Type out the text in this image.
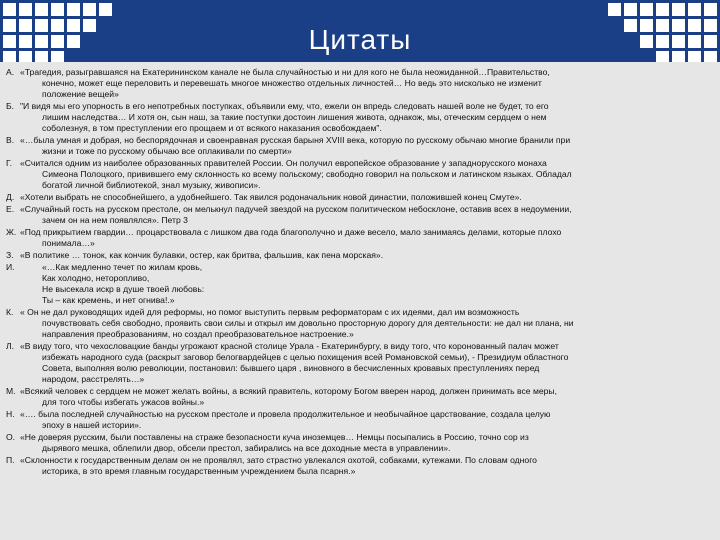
Цитаты
А. «Трагедия, разыгравшаяся на Екатерининском канале не была случайностью и ни для кого не была неожиданной…Правительство,
конечно, может еще переловить и перевешать многое множество отдельных личностей… Но ведь это нисколько не изменит
положение вещей»
Б. "И видя мы его упорность в его непотребных поступках, объявили ему, что, ежели он впредь следовать нашей воле не будет, то его
лишим наследства… И хотя он, сын наш, за такие поступки достоин лишения живота, однакож, мы, отеческим сердцем о нем
соболезнуя, в том преступлении его прощаем и от всякого наказания освобождаем".
В. «…была умная и добрая, но беспорядочная и своенравная русская барыня XVIII века, которую по русскому обычаю многие бранили при
жизни и тоже по русскому обычаю все оплакивали по смерти»
Г. «Считался одним из наиболее образованных правителей России. Он получил европейское образование у западнорусского монаха
Симеона Полоцкого, привившего ему склонность ко всему польскому; свободно говорил на польском и латинском языках. Обладал
богатой личной библиотекой, знал музыку, живописи».
Д. «Хотели выбрать не способнейшего, а удобнейшего. Так явился родоначальник новой династии, положившей конец Смуте».
Е. «Случайный гость на русском престоле, он мелькнул падучей звездой на русском политическом небосклоне, оставив всех в недоумении,
зачем он на нем появлялся». Петр 3
Ж. «Под прикрытием гвардии… процарствовала с лишком два года благополучно и даже весело, мало занимаясь делами, которые плохо
понимала…»
З. «В политике … тонок, как кончик булавки, остер, как бритва, фальшив, как пена морская».
И.	«…Как медленно течет по жилам кровь,
Как холодно, неторопливо,
Не высекала искр в душе твоей любовь:
Ты – как кремень, и нет огнива!.»
К. « Он не дал руководящих идей для реформы, но помог выступить первым реформаторам с их идеями, дал им возможность
почувствовать себя свободно, проявить свои силы и открыл им довольно просторную дорогу для деятельности: не дал ни плана, ни
направления преобразованиям, но создал преобразовательное настроение.»
Л. «В виду того, что чехословацкие банды угрожают красной столице Урала - Екатеринбургу, в виду того, что коронованный палач может
избежать народного суда (раскрыт заговор белогвардейцев с целью похищения всей Романовской семьи), - Президиум областного
Совета, выполняя волю революции, постановил: бывшего царя , виновного в бесчисленных кровавых преступлениях перед
народом, расстрелять…»
М. «Всякий человек с сердцем не может желать войны, а всякий правитель, которому Богом вверен народ, должен принимать все меры,
для того чтобы избегать ужасов войны.»
Н. «…. была последней случайностью на русском престоле и провела продолжительное и необычайное царствование, создала целую
эпоху в нашей истории».
О. «Не доверяя русским, были поставлены на страже безопасности куча иноземцев… Немцы посыпались в Россию, точно сор из
дырявого мешка, облепили двор, обсели престол, забирались на все доходные места в управлении».
П. «Склонности к государственным делам он не проявлял, зато страстно увлекался охотой, собаками, кутежами. По словам одного
историка, в это время главным государственным учреждением была псарня.»
